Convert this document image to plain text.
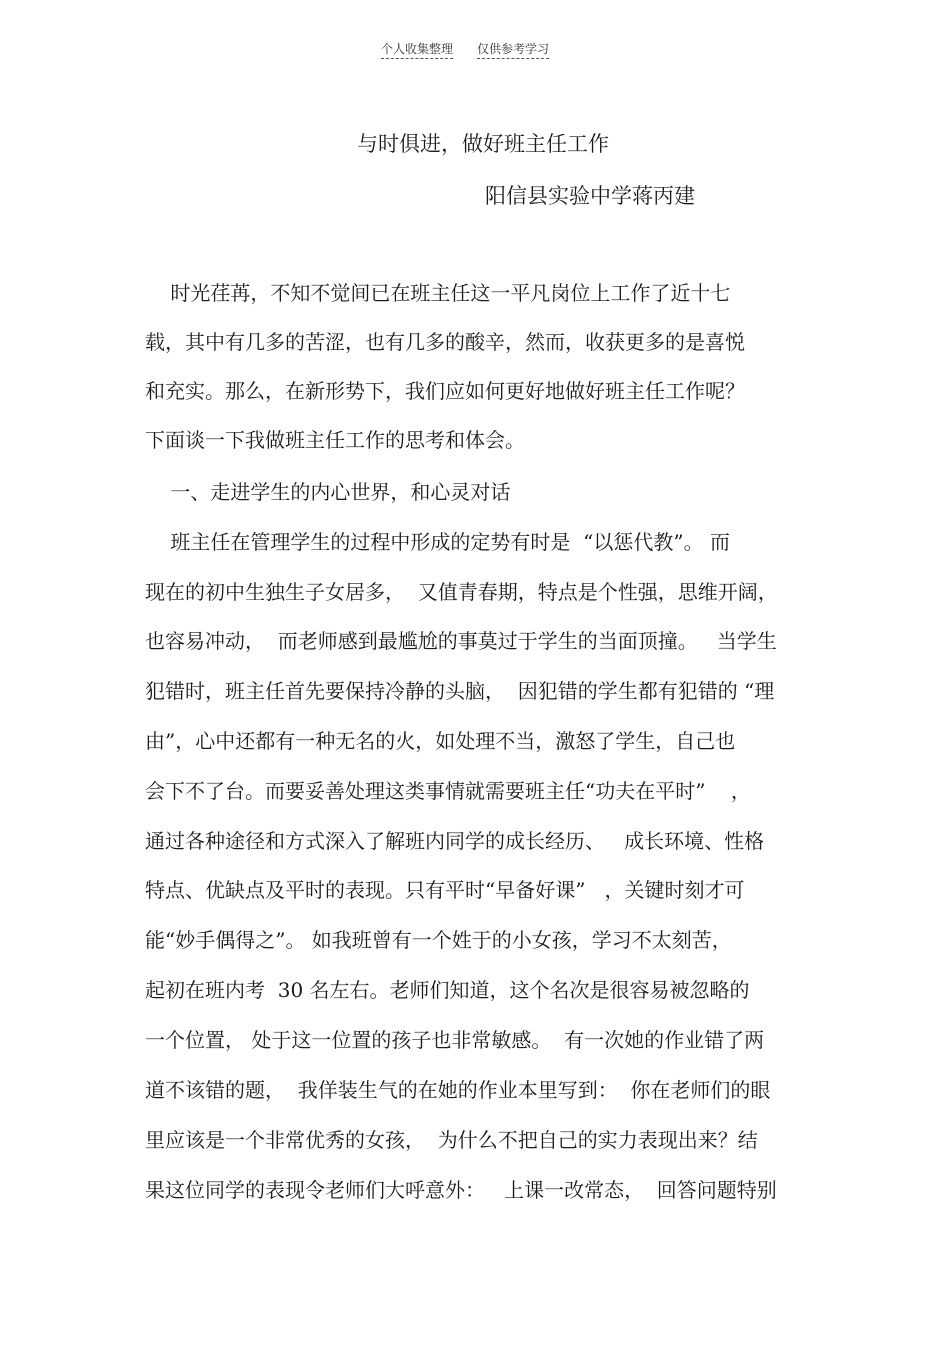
个人收集整理 仅供参考学习
与时俱进，做好班主任工作
阳信县实验中学蒋丙建
时光荏苒，不知不觉间已在班主任这一平凡岗位上工作了近十七
载，其中有几多的苦涩，也有几多的酸辛，然而，收获更多的是喜悦
和充实。那么，在新形势下，我们应如何更好地做好班主任工作呢？
下面谈一下我做班主任工作的思考和体会。
一、走进学生的内心世界，和心灵对话
班主任在管理学生的过程中形成的定势有时是  “以惩代教”。 而
现在的初中生独生子女居多，  又值青春期，特点是个性强，思维开阔，
也容易冲动，  而老师感到最尴尬的事莫过于学生的当面顶撞。   当学生
犯错时，班主任首先要保持冷静的头脑，  因犯错的学生都有犯错的 “理
由”，心中还都有一种无名的火，如处理不当，激怒了学生，自己也
会下不了台。而要妥善处理这类事情就需要班主任“功夫在平时”    ，
通过各种途径和方式深入了解班内同学的成长经历、   成长环境、性格
特点、优缺点及平时的表现。只有平时“早备好课”   ，关键时刻才可
能“妙手偶得之”。 如我班曾有一个姓于的小女孩，学习不太刻苦，
起初在班内考  30 名左右。老师们知道，这个名次是很容易被忽略的
一个位置， 处于这一位置的孩子也非常敏感。  有一次她的作业错了两
道不该错的题，  我佯装生气的在她的作业本里写到：  你在老师们的眼
里应该是一个非常优秀的女孩，  为什么不把自己的实力表现出来？结
果这位同学的表现令老师们大呼意外：   上课一改常态，  回答问题特别
